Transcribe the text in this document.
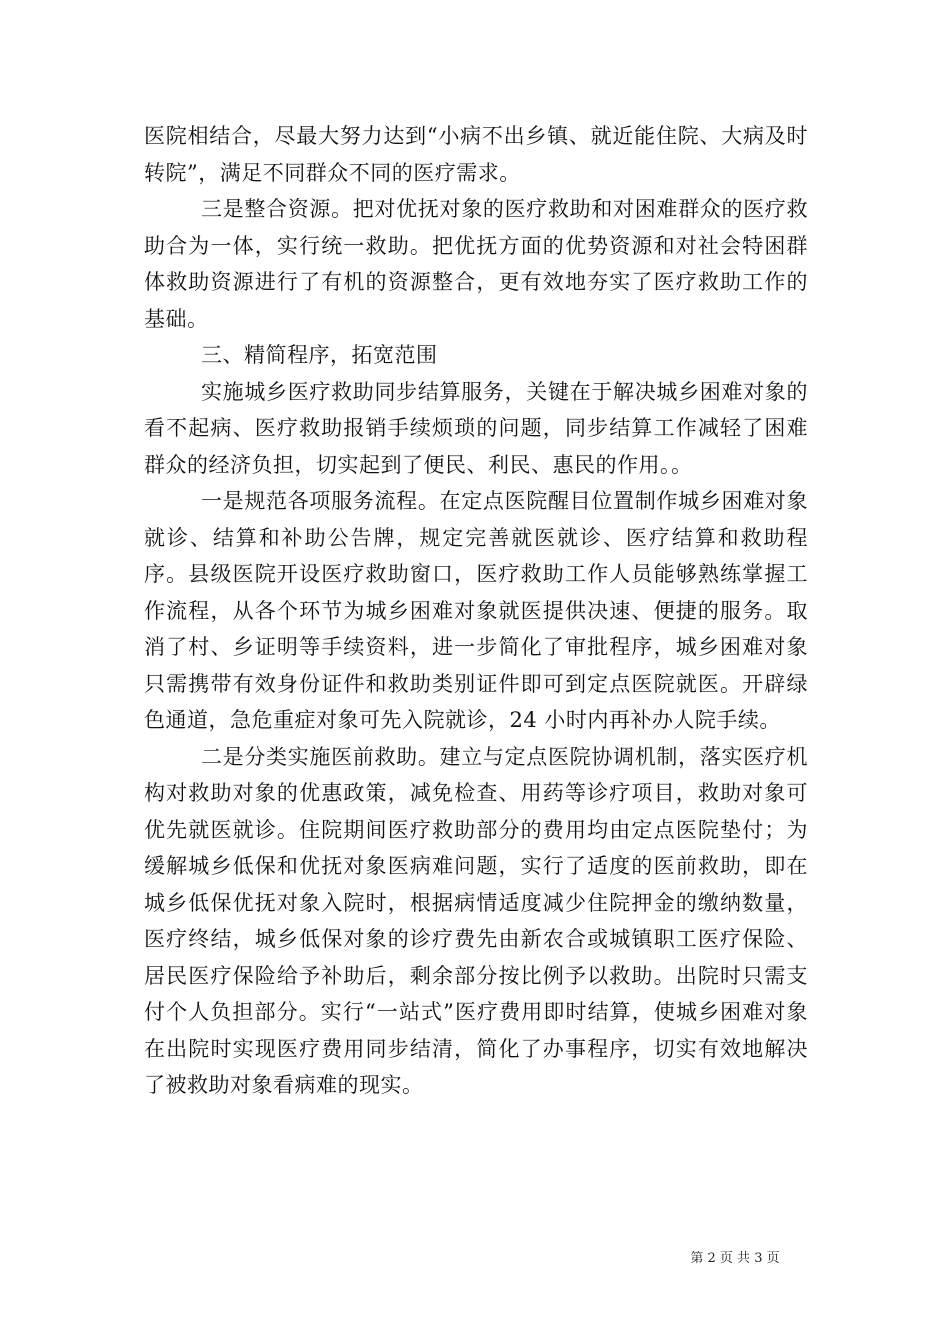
医院相结合，尽最大努力达到“小病不出乡镇、就近能住院、大病及时转院”，满足不同群众不同的医疗需求。

三是整合资源。把对优抚对象的医疗救助和对困难群众的医疗救助合为一体，实行统一救助。把优抚方面的优势资源和对社会特困群体救助资源进行了有机的资源整合，更有效地夯实了医疗救助工作的基础。

三、精简程序，拓宽范围

实施城乡医疗救助同步结算服务，关键在于解决城乡困难对象的看不起病、医疗救助报销手续烦琐的问题，同步结算工作减轻了困难群众的经济负担，切实起到了便民、利民、惠民的作用。。

一是规范各项服务流程。在定点医院醒目位置制作城乡困难对象就诊、结算和补助公告牌，规定完善就医就诊、医疗结算和救助程序。县级医院开设医疗救助窗口，医疗救助工作人员能够熟练掌握工作流程，从各个环节为城乡困难对象就医提供决速、便捷的服务。取消了村、乡证明等手续资料，进一步简化了审批程序，城乡困难对象只需携带有效身份证件和救助类别证件即可到定点医院就医。开辟绿色通道，急危重症对象可先入院就诊，24 小时内再补办人院手续。

二是分类实施医前救助。建立与定点医院协调机制，落实医疗机构对救助对象的优惠政策，减免检查、用药等诊疗项目，救助对象可优先就医就诊。住院期间医疗救助部分的费用均由定点医院垫付；为缓解城乡低保和优抚对象医病难问题，实行了适度的医前救助，即在城乡低保优抚对象入院时，根据病情适度减少住院押金的缴纳数量，医疗终结，城乡低保对象的诊疗费先由新农合或城镇职工医疗保险、居民医疗保险给予补助后，剩余部分按比例予以救助。出院时只需支付个人负担部分。实行“一站式”医疗费用即时结算，使城乡困难对象在出院时实现医疗费用同步结清，简化了办事程序，切实有效地解决了被救助对象看病难的现实。

第 2 页 共 3 页
